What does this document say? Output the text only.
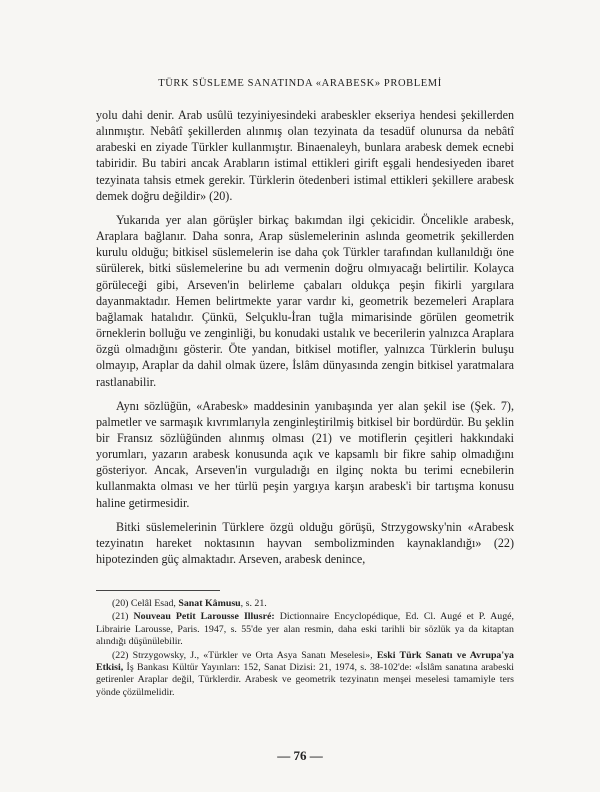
TÜRK SÜSLEME SANATINDA «ARABESK» PROBLEMİ

yolu dahi denir. Arab usûlü tezyiniyesindeki arabeskler ekseriya hendesi şekillerden alınmıştır. Nebâtî şekillerden alınmış olan tezyinata da tesadüf olunursa da nebâtî arabeski en ziyade Türkler kullanmıştır. Binaenaleyh, bunlara arabesk demek ecnebi tabiridir. Bu tabiri ancak Arabların istimal ettikleri girift eşgali hendesiyeden ibaret tezyinata tahsis etmek gerekir. Türklerin ötedenberi istimal ettikleri şekillere arabesk demek doğru değildir» (20).

Yukarıda yer alan görüşler birkaç bakımdan ilgi çekicidir. Öncelikle arabesk, Araplara bağlanır. Daha sonra, Arap süslemelerinin aslında geometrik şekillerden kurulu olduğu; bitkisel süslemelerin ise daha çok Türkler tarafından kullanıldığı öne sürülerek, bitki süslemelerine bu adı vermenin doğru olmıyacağı belirtilir. Kolayca görüleceği gibi, Arseven'in belirleme çabaları oldukça peşin fikirli yargılara dayanmaktadır. Hemen belirtmekte yarar vardır ki, geometrik bezemeleri Araplara bağlamak hatalıdır. Çünkü, Selçuklu-İran tuğla mimarisinde görülen geometrik örneklerin bolluğu ve zenginliği, bu konudaki ustalık ve becerilerin yalnızca Araplara özgü olmadığını gösterir. Öte yandan, bitkisel motifler, yalnızca Türklerin buluşu olmayıp, Araplar da dahil olmak üzere, İslâm dünyasında zengin bitkisel yaratmalara rastlanabilir.

Aynı sözlüğün, «Arabesk» maddesinin yanıbaşında yer alan şekil ise (Şek. 7), palmetler ve sarmaşık kıvrımlarıyla zenginleştirilmiş bitkisel bir bordürdür. Bu şeklin bir Fransız sözlüğünden alınmış olması (21) ve motiflerin çeşitleri hakkındaki yorumları, yazarın arabesk konusunda açık ve kapsamlı bir fikre sahip olmadığını gösteriyor. Ancak, Arseven'in vurguladığı en ilginç nokta bu terimi ecnebilerin kullanmakta olması ve her türlü peşin yargıya karşın arabesk'i bir tartışma konusu haline getirmesidir.

Bitki süslemelerinin Türklere özgü olduğu görüşü, Strzygowsky'nin «Arabesk tezyinatın hareket noktasının hayvan sembolizminden kaynaklandığı» (22) hipotezinden güç almaktadır. Arseven, arabesk denince,

(20) Celâl Esad, Sanat Kâmusu, s. 21.

(21) Nouveau Petit Larousse Illusré: Dictionnaire Encyclopédique, Ed. Cl. Augé et P. Augé, Librairie Larousse, Paris. 1947, s. 55'de yer alan resmin, daha eski tarihli bir sözlük ya da kitaptan alındığı düşünülebilir.

(22) Strzygowsky, J., «Türkler ve Orta Asya Sanatı Meselesi», Eski Türk Sanatı ve Avrupa'ya Etkisi, İş Bankası Kültür Yayınları: 152, Sanat Dizisi: 21, 1974, s. 38-102'de: «İslâm sanatına arabeski getirenler Araplar değil, Türklerdir. Arabesk ve geometrik tezyinatın menşei meselesi tamamiyle ters yönde çözülmelidir.

— 76 —
